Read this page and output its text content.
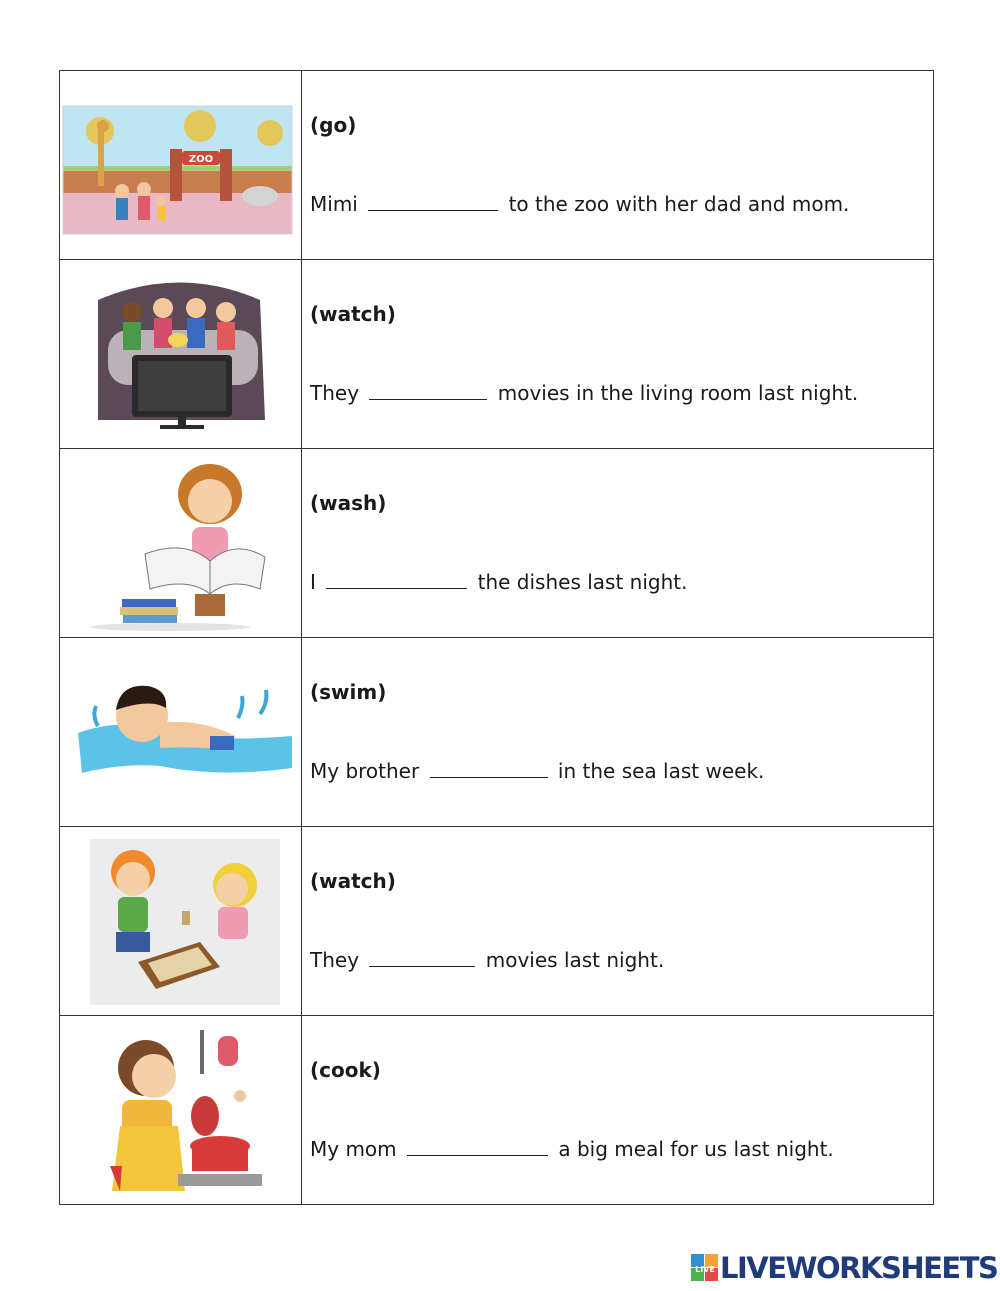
ZOO	(go)
Mimi to the zoo with her dad and mom.

(watch)
They movies in the living room last night.

(wash)
I the dishes last night.

(swim)
My brother in the sea last week.

(watch)
They movies last night.

(cook)
My mom a big meal for us last night.
LIVE LIVEWORKSHEETS
